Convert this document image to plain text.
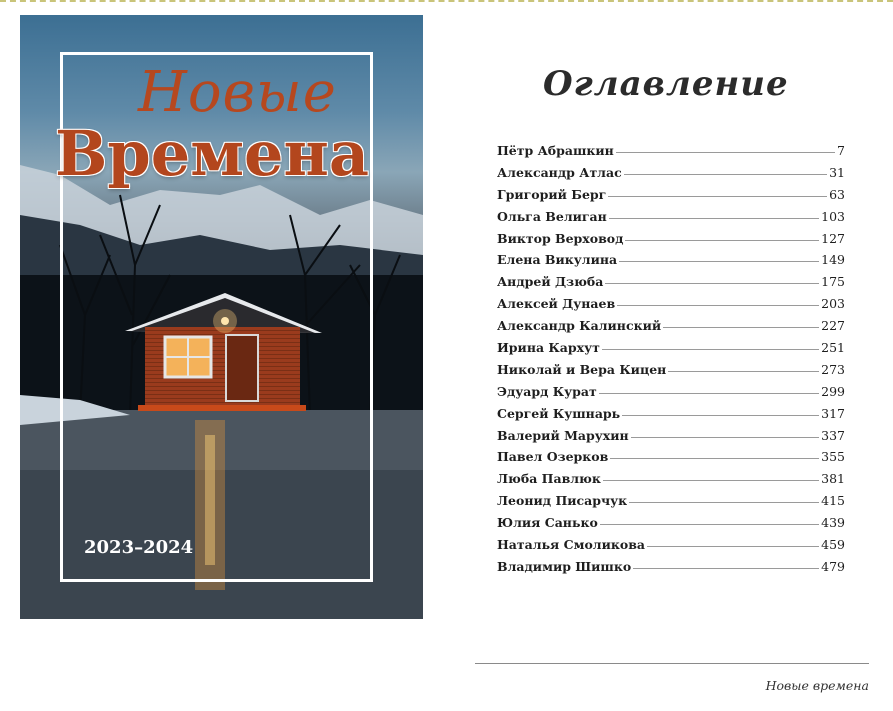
Новые
Времена
2023–2024
Оглавление
Пётр Абрашкин	7
Александр Атлас	31
Григорий Берг	63
Ольга Велиган	103
Виктор Верховод	127
Елена Викулина	149
Андрей Дзюба	175
Алексей Дунаев	203
Александр Калинский	227
Ирина Кархут	251
Николай и Вера Кицен	273
Эдуард Курат	299
Сергей Кушнарь	317
Валерий Марухин	337
Павел Озерков	355
Люба Павлюк	381
Леонид Писарчук	415
Юлия Санько	439
Наталья Смоликова	459
Владимир Шишко	479
Новые времена
